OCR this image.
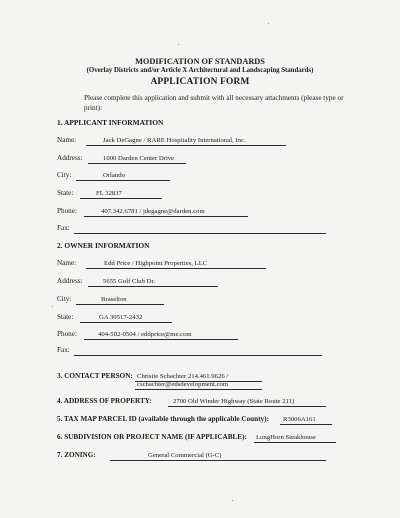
MODIFICATION OF STANDARDS
(Overlay Districts and/or Article X Architectural and Landscaping Standards)
APPLICATION FORM
Please complete this application and submit with all necessary attachments (please type or print):
1. APPLICANT INFORMATION
Name:	Jack DeGagne / RARE Hospitality International, Inc.
Address:	1000 Darden Center Drive
City:	Orlando
State:	FL 32837
Phone:	407.342.6781 / jdegagne@darden.com
Fax:
2. OWNER INFORMATION
Name:	Edd Price / Highpoint Properties, LLC
Address:	5655 Golf Club Dr.
City:	Braselton
State:	GA 30517-2432
Phone:	404-502-0504 / eddprice@me.com
Fax:
3. CONTACT PERSON: Christie Schachter 214.461.9626 /
cschachter@edsdevelopment.com
4. ADDRESS OF PROPERTY:	2700 Old Winder Highway (State Route 211)
5. TAX MAP PARCEL ID (available through the applicable County): R3006A161
6. SUBDIVISION OR PROJECT NAME (IF APPLICABLE): LongHorn Steakhouse
7. ZONING:	General Commercial (G-C)
